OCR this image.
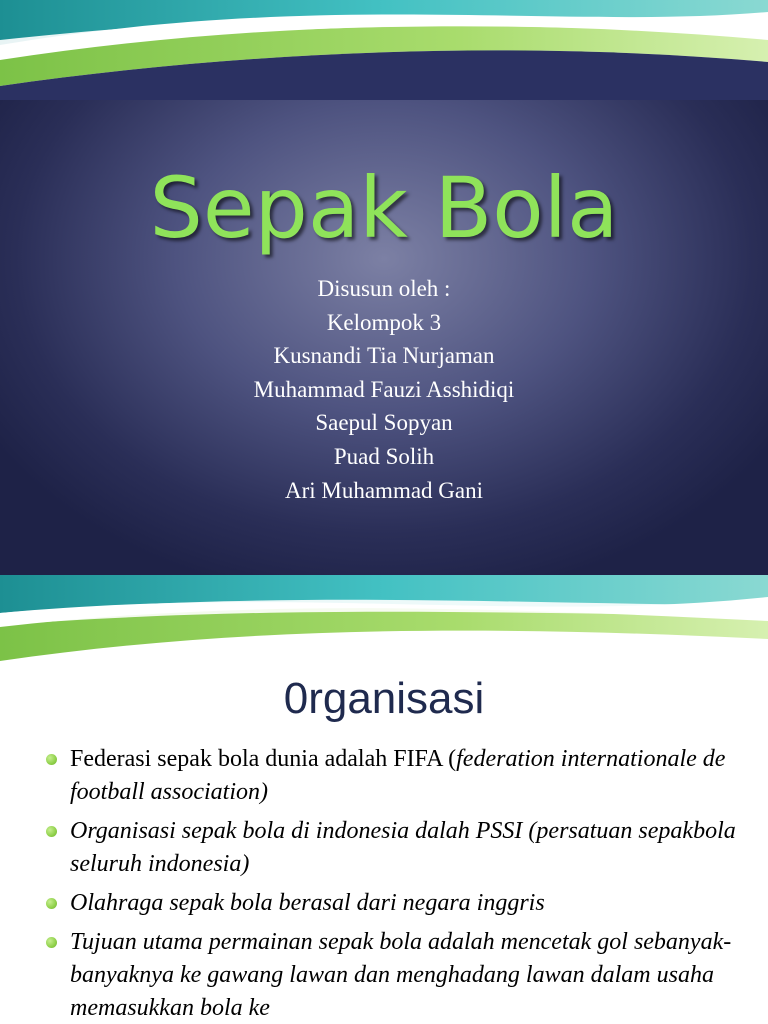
Sepak Bola
Disusun oleh :
Kelompok 3
Kusnandi Tia Nurjaman
Muhammad Fauzi Asshidiqi
Saepul Sopyan
Puad Solih
Ari Muhammad Gani
0rganisasi
Federasi sepak bola dunia adalah FIFA (federation internationale de football association)
Organisasi sepak bola di indonesia dalah PSSI (persatuan sepakbola seluruh indonesia)
Olahraga sepak bola berasal dari negara inggris
Tujuan utama permainan sepak bola adalah mencetak gol sebanyak-banyaknya ke gawang lawan dan menghadang lawan dalam usaha memasukkan bola ke
